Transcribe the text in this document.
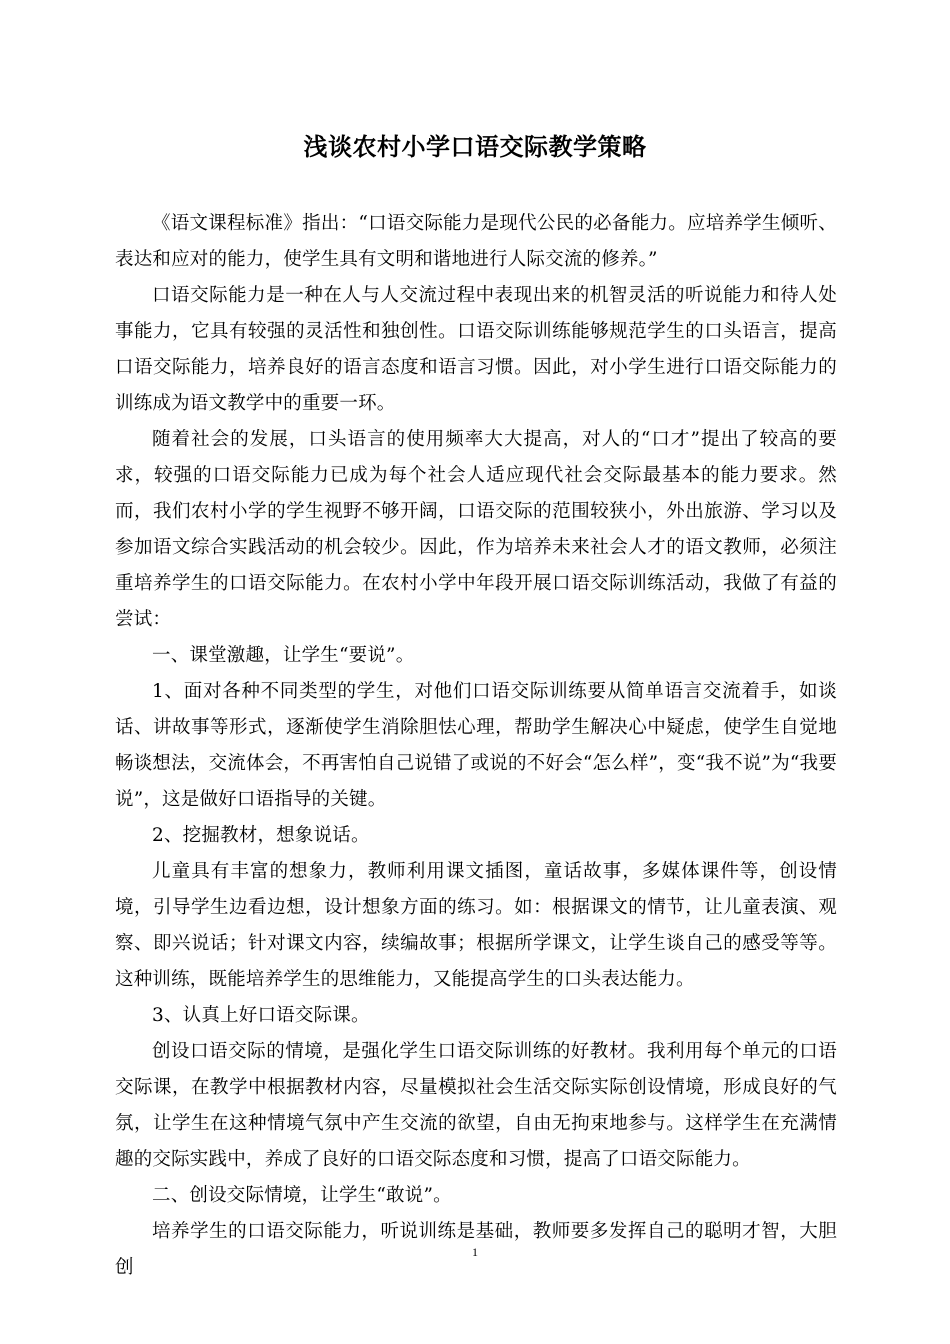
浅谈农村小学口语交际教学策略

《语文课程标准》指出：“口语交际能力是现代公民的必备能力。应培养学生倾听、表达和应对的能力，使学生具有文明和谐地进行人际交流的修养。”

口语交际能力是一种在人与人交流过程中表现出来的机智灵活的听说能力和待人处事能力，它具有较强的灵活性和独创性。口语交际训练能够规范学生的口头语言，提高口语交际能力，培养良好的语言态度和语言习惯。因此，对小学生进行口语交际能力的训练成为语文教学中的重要一环。

随着社会的发展，口头语言的使用频率大大提高，对人的“口才”提出了较高的要求，较强的口语交际能力已成为每个社会人适应现代社会交际最基本的能力要求。然而，我们农村小学的学生视野不够开阔，口语交际的范围较狭小，外出旅游、学习以及参加语文综合实践活动的机会较少。因此，作为培养未来社会人才的语文教师，必须注重培养学生的口语交际能力。在农村小学中年段开展口语交际训练活动，我做了有益的尝试：

一、课堂激趣，让学生“要说”。

1、面对各种不同类型的学生，对他们口语交际训练要从简单语言交流着手，如谈话、讲故事等形式，逐渐使学生消除胆怯心理，帮助学生解决心中疑虑，使学生自觉地畅谈想法，交流体会，不再害怕自己说错了或说的不好会“怎么样”，变“我不说”为“我要说”，这是做好口语指导的关键。

2、挖掘教材，想象说话。

儿童具有丰富的想象力，教师利用课文插图，童话故事，多媒体课件等，创设情境，引导学生边看边想，设计想象方面的练习。如：根据课文的情节，让儿童表演、观察、即兴说话；针对课文内容，续编故事；根据所学课文，让学生谈自己的感受等等。这种训练，既能培养学生的思维能力，又能提高学生的口头表达能力。

3、认真上好口语交际课。

创设口语交际的情境，是强化学生口语交际训练的好教材。我利用每个单元的口语交际课，在教学中根据教材内容，尽量模拟社会生活交际实际创设情境，形成良好的气氛，让学生在这种情境气氛中产生交流的欲望，自由无拘束地参与。这样学生在充满情趣的交际实践中，养成了良好的口语交际态度和习惯，提高了口语交际能力。

二、创设交际情境，让学生“敢说”。

培养学生的口语交际能力，听说训练是基础，教师要多发挥自己的聪明才智，大胆创

1
